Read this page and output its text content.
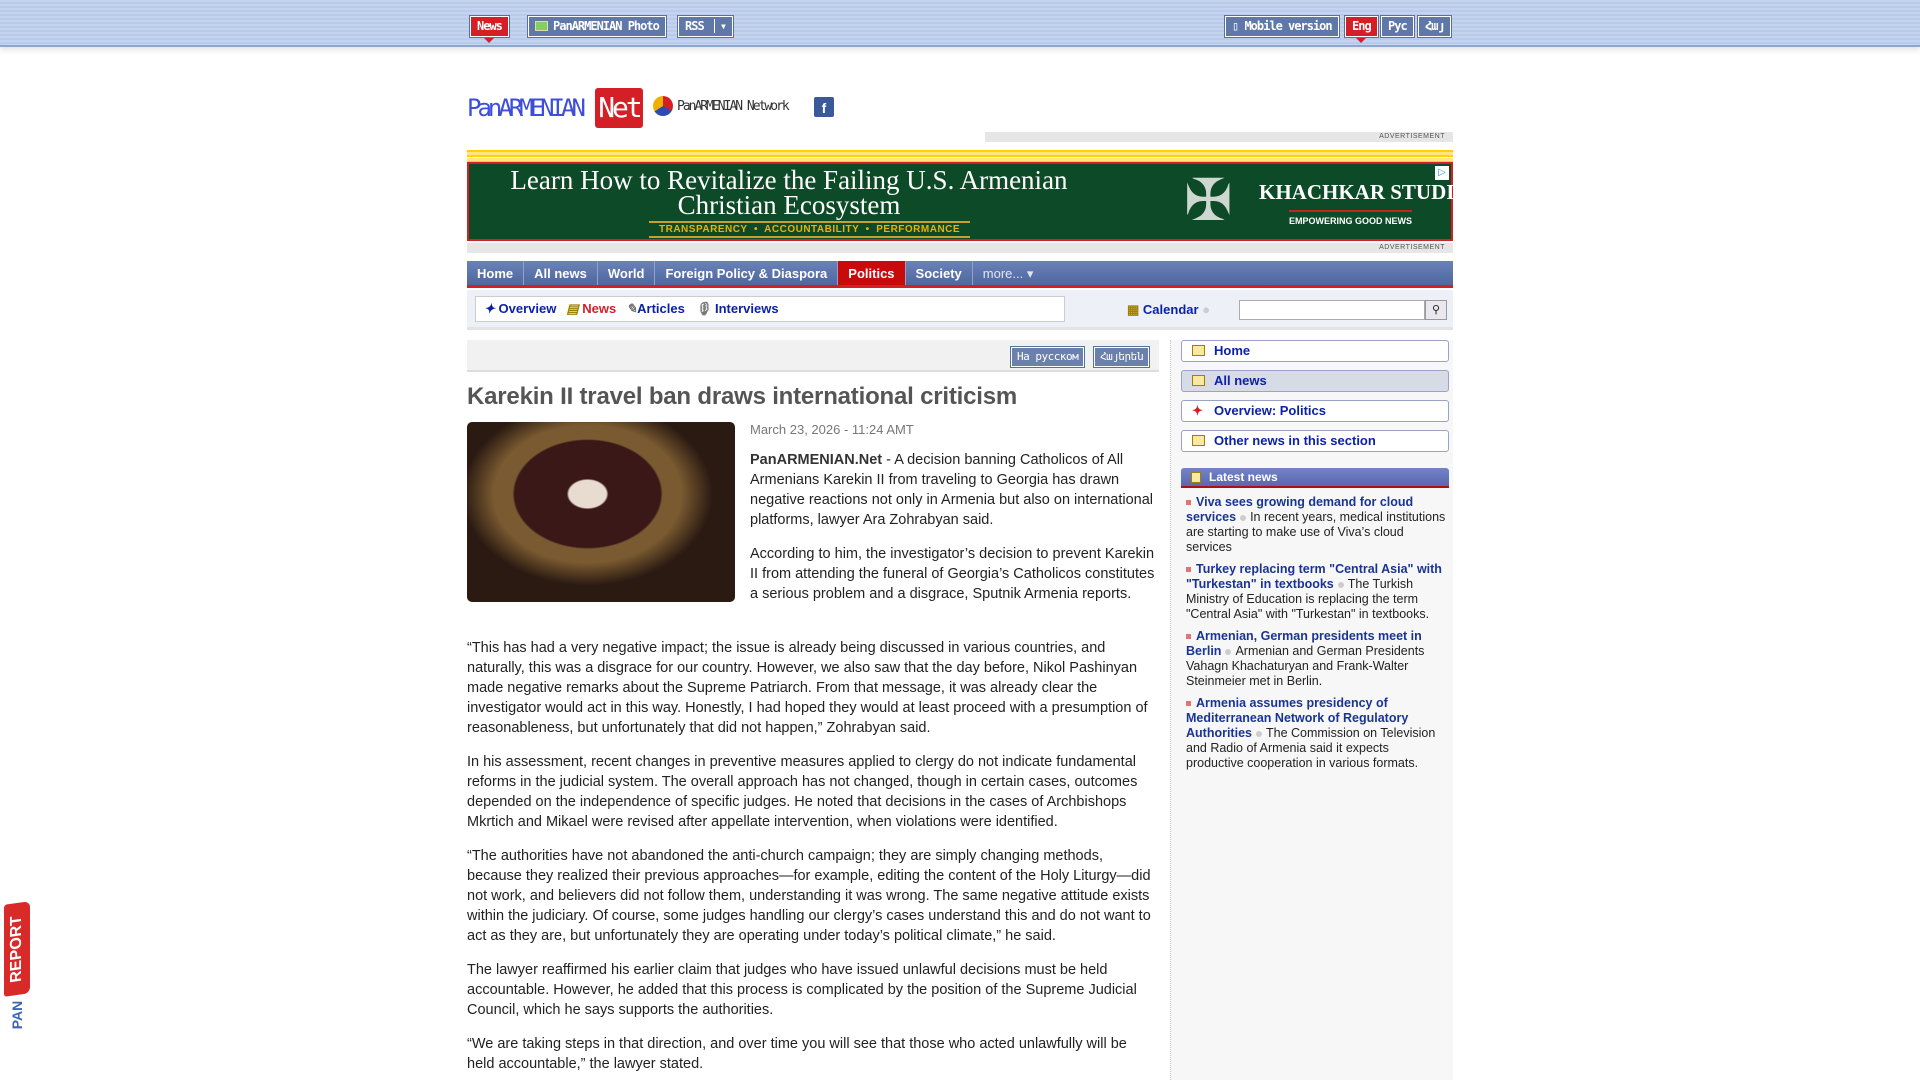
News	PanARMENIAN Photo	RSS ▾	▯ Mobile version	Eng	Рус	Հայ
PanARMENIAN Net	PanARMENIAN Network	f
ADVERTISEMENT
Learn How to Revitalize the Failing U.S. Armenian Christian Ecosystem
TRANSPARENCY  •  ACCOUNTABILITY  •  PERFORMANCE	✠ KHACHKAR STUDIOS
EMPOWERING GOOD NEWS
▷
ADVERTISEMENT
Home	All news	World	Foreign Policy & Diaspora	Politics	Society	more... ▾
✦ Overview ▤ News ✎Articles 🎙 Interviews	▦ Calendar ●	⚲
На русском	Հայերեն
Karekin II travel ban draws international criticism
March 23, 2026 - 11:24 AMT

PanARMENIAN.Net - A decision banning Catholicos of All Armenians Karekin II from traveling to Georgia has drawn negative reactions not only in Armenia but also on international platforms, lawyer Ara Zohrabyan said.

According to him, the investigator’s decision to prevent Karekin II from attending the funeral of Georgia’s Catholicos constitutes a serious problem and a disgrace, Sputnik Armenia reports.

“This has had a very negative impact; the issue is already being discussed in various countries, and naturally, this was a disgrace for our country. However, we also saw that the day before, Nikol Pashinyan made negative remarks about the Supreme Patriarch. From that message, it was already clear the investigator would act in this way. Honestly, I had hoped they would at least proceed with a presumption of reasonableness, but unfortunately that did not happen,” Zohrabyan said.

In his assessment, recent changes in preventive measures applied to clergy do not indicate fundamental reforms in the judicial system. The overall approach has not changed, though in certain cases, outcomes depended on the independence of specific judges. He noted that decisions in the cases of Archbishops Mkrtich and Mikael were revised after appellate intervention, when violations were identified.

“The authorities have not abandoned the anti-church campaign; they are simply changing methods, because they realized their previous approaches—for example, editing the content of the Holy Liturgy—did not work, and believers did not follow them, understanding it was wrong. The same negative attitude exists within the judiciary. Of course, some judges handling our clergy’s cases understand this and do not want to act as they are, but unfortunately they are operating under today’s political climate,” he said.

The lawyer reaffirmed his earlier claim that judges who have issued unlawful decisions must be held accountable. However, he added that this process is complicated by the position of the Supreme Judicial Council, which he says supports the authorities.

“We are taking steps in that direction, and over time you will see that those who acted unlawfully will be held accountable,” the lawyer stated.

Home
All news
✦ Overview: Politics
Other news in this section
Latest news
Viva sees growing demand for cloud services In recent years, medical institutions are starting to make use of Viva’s cloud services
Turkey replacing term "Central Asia" with "Turkestan" in textbooks The Turkish Ministry of Education is replacing the term "Central Asia" with "Turkestan" in textbooks.
Armenian, German presidents meet in Berlin Armenian and German Presidents Vahagn Khachaturyan and Frank-Walter Steinmeier met in Berlin.
Armenia assumes presidency of Mediterranean Network of Regulatory Authorities The Commission on Television and Radio of Armenia said it expects productive cooperation in various formats.
REPORT
PAN
